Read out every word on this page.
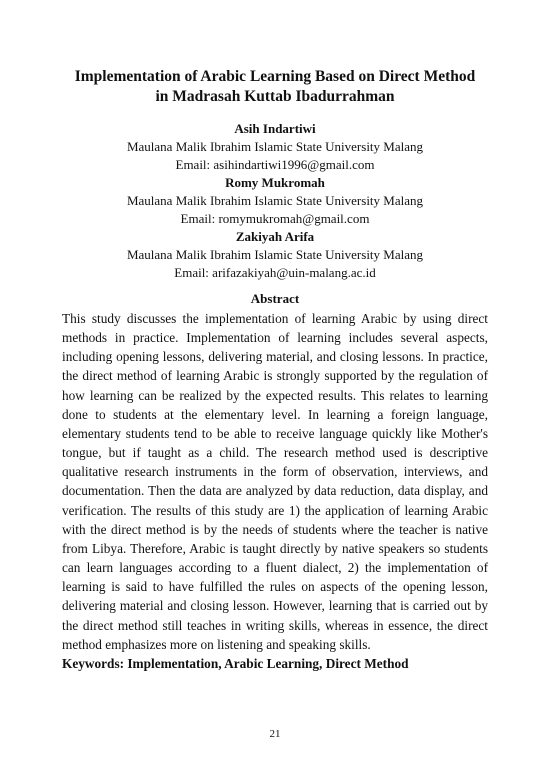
Implementation of Arabic Learning Based on Direct Method
in Madrasah Kuttab Ibadurrahman
Asih Indartiwi
Maulana Malik Ibrahim Islamic State University Malang
Email: asihindartiwi1996@gmail.com
Romy Mukromah
Maulana Malik Ibrahim Islamic State University Malang
Email: romymukromah@gmail.com
Zakiyah Arifa
Maulana Malik Ibrahim Islamic State University Malang
Email: arifazakiyah@uin-malang.ac.id
Abstract

This study discusses the implementation of learning Arabic by using direct methods in practice. Implementation of learning includes several aspects, including opening lessons, delivering material, and closing lessons. In practice, the direct method of learning Arabic is strongly supported by the regulation of how learning can be realized by the expected results. This relates to learning done to students at the elementary level. In learning a foreign language, elementary students tend to be able to receive language quickly like Mother's tongue, but if taught as a child. The research method used is descriptive qualitative research instruments in the form of observation, interviews, and documentation. Then the data are analyzed by data reduction, data display, and verification. The results of this study are 1) the application of learning Arabic with the direct method is by the needs of students where the teacher is native from Libya. Therefore, Arabic is taught directly by native speakers so students can learn languages according to a fluent dialect, 2) the implementation of learning is said to have fulfilled the rules on aspects of the opening lesson, delivering material and closing lesson. However, learning that is carried out by the direct method still teaches in writing skills, whereas in essence, the direct method emphasizes more on listening and speaking skills.

Keywords: Implementation, Arabic Learning, Direct Method

21
